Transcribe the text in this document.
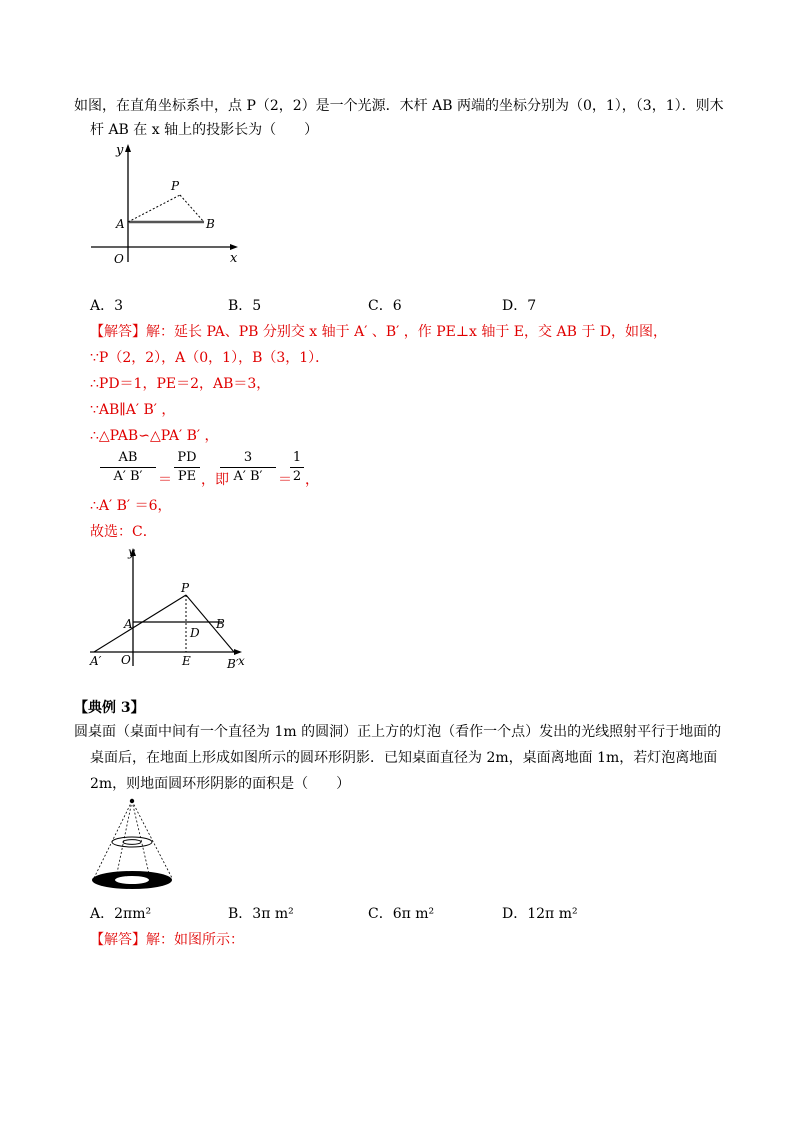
如图，在直角坐标系中，点 P（2，2）是一个光源．木杆 AB 两端的坐标分别为（0，1），（3，1）．则木
杆 AB 在 x 轴上的投影长为（　　）
y
x
O
A	B
P
A．3	B．5	C．6	D．7
【解答】解：延长 PA、PB 分别交 x 轴于 A′ 、B′ ，作 PE⊥x 轴于 E，交 AB 于 D，如图，
∵P（2，2），A（0，1），B（3，1）．
∴PD＝1，PE＝2，AB＝3，
∵AB∥A′ B′ ，
∴△PAB∽△PA′ B′ ，
AB
A′ B′	＝
PD
PE ，即
3
A′ B′	＝
1
2 ，
∴A′ B′ ＝6，
故选：C．
y
x
O
A	B
P
D
E
A′	B′
【典例 3】
圆桌面（桌面中间有一个直径为 1m 的圆洞）正上方的灯泡（看作一个点）发出的光线照射平行于地面的
桌面后，在地面上形成如图所示的圆环形阴影．已知桌面直径为 2m，桌面离地面 1m，若灯泡离地面
2m，则地面圆环形阴影的面积是（　　）
A．2πm²	B．3π m²	C．6π m²	D．12π m²
【解答】解：如图所示：
